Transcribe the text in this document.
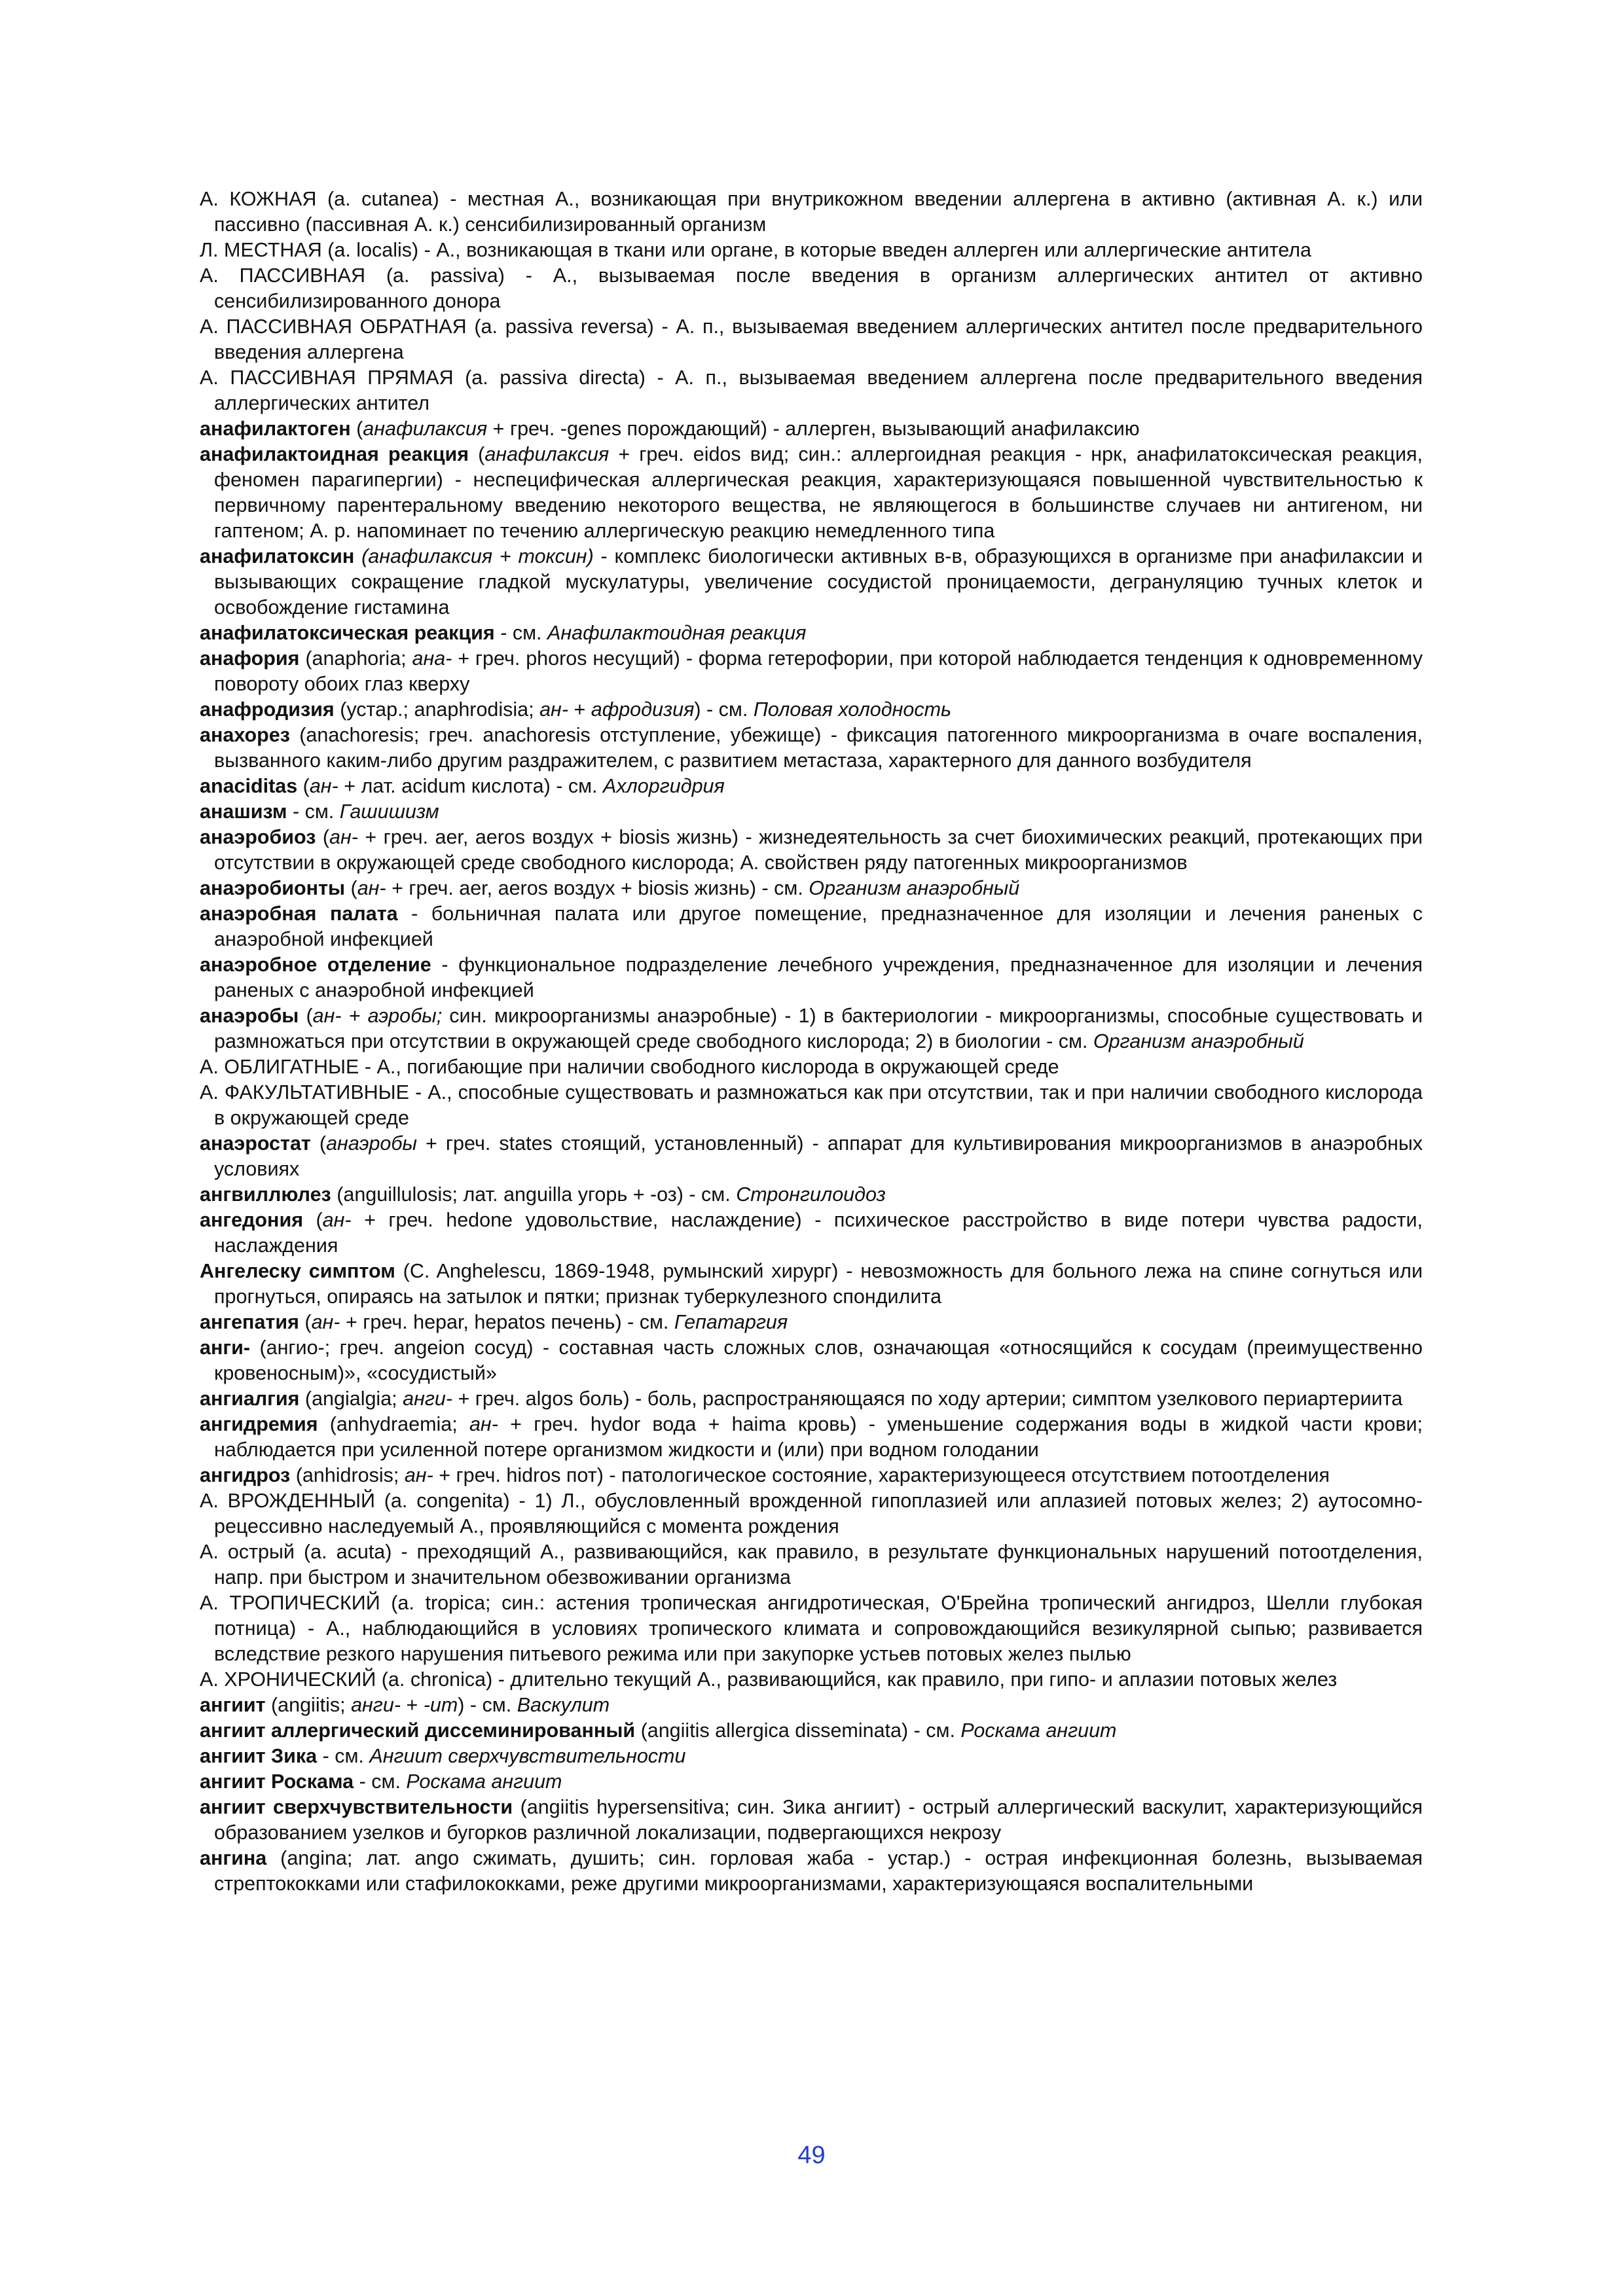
А. КОЖНАЯ (a. cutanea) - местная А., возникающая при внутрикожном введении аллергена в активно (активная А. к.) или пассивно (пассивная А. к.) сенсибилизированный организм
Л. МЕСТНАЯ (a. localis) - А., возникающая в ткани или органе, в которые введен аллерген или аллергические антитела
А. ПАССИВНАЯ (a. passiva) - А., вызываемая после введения в организм аллергических антител от активно сенсибилизированного донора
А. ПАССИВНАЯ ОБРАТНАЯ (a. passiva reversa) - А. п., вызываемая введением аллергических антител после предварительного введения аллергена
А. ПАССИВНАЯ ПРЯМАЯ (a. passiva directa) - А. п., вызываемая введением аллергена после предварительного введения аллергических антител
анафилактоген (анафилаксия + греч. -genes порождающий) - аллерген, вызывающий анафилаксию
анафилактоидная реакция (анафилаксия + греч. eidos вид; син.: аллергоидная реакция - нрк, анафилатоксическая реакция, феномен парагипергии) - неспецифическая аллергическая реакция, характеризующаяся повышенной чувствительностью к первичному парентеральному введению некоторого вещества, не являющегося в большинстве случаев ни антигеном, ни гаптеном; А. р. напоминает по течению аллергическую реакцию немедленного типа
анафилатоксин (анафилаксия + токсин) - комплекс биологически активных в-в, образующихся в организме при анафилаксии и вызывающих сокращение гладкой мускулатуры, увеличение сосудистой проницаемости, дегрануляцию тучных клеток и освобождение гистамина
анафилатоксическая реакция - см. Анафилактоидная реакция
анафория (anaphoria; ана- + греч. phoros несущий) - форма гетерофории, при которой наблюдается тенденция к одновременному повороту обоих глаз кверху
анафродизия (устар.; anaphrodisia; ан- + афродизия) - см. Половая холодность
анахорез (anachoresis; греч. anachoresis отступление, убежище) - фиксация патогенного микроорганизма в очаге воспаления, вызванного каким-либо другим раздражителем, с развитием метастаза, характерного для данного возбудителя
anaciditas (ан- + лат. acidum кислота) - см. Ахлоргидрия
анашизм - см. Гашишизм
анаэробиоз (ан- + греч. aer, aeros воздух + biosis жизнь) - жизнедеятельность за счет биохимических реакций, протекающих при отсутствии в окружающей среде свободного кислорода; А. свойствен ряду патогенных микроорганизмов
анаэробионты (ан- + греч. aer, aeros воздух + biosis жизнь) - см. Организм анаэробный
анаэробная палата - больничная палата или другое помещение, предназначенное для изоляции и лечения раненых с анаэробной инфекцией
анаэробное отделение - функциональное подразделение лечебного учреждения, предназначенное для изоляции и лечения раненых с анаэробной инфекцией
анаэробы (ан- + аэробы; син. микроорганизмы анаэробные) - 1) в бактериологии - микроорганизмы, способные существовать и размножаться при отсутствии в окружающей среде свободного кислорода; 2) в биологии - см. Организм анаэробный
А. ОБЛИГАТНЫЕ - А., погибающие при наличии свободного кислорода в окружающей среде
А. ФАКУЛЬТАТИВНЫЕ - А., способные существовать и размножаться как при отсутствии, так и при наличии свободного кислорода в окружающей среде
анаэростат (анаэробы + греч. states стоящий, установленный) - аппарат для культивирования микроорганизмов в анаэробных условиях
ангвиллюлез (anguillulosis; лат. anguilla угорь + -оз) - см. Стронгилоидоз
ангедония (ан- + греч. hedone удовольствие, наслаждение) - психическое расстройство в виде потери чувства радости, наслаждения
Ангелеску симптом (C. Anghelescu, 1869-1948, румынский хирург) - невозможность для больного лежа на спине согнуться или прогнуться, опираясь на затылок и пятки; признак туберкулезного спондилита
ангепатия (ан- + греч. hepar, hepatos печень) - см. Гепатаргия
анги- (ангио-; греч. angeion сосуд) - составная часть сложных слов, означающая «относящийся к сосудам (преимущественно кровеносным)», «сосудистый»
ангиалгия (angialgia; анги- + греч. algos боль) - боль, распространяющаяся по ходу артерии; симптом узелкового периартериита
ангидремия (anhydraemia; ан- + греч. hydor вода + haima кровь) - уменьшение содержания воды в жидкой части крови; наблюдается при усиленной потере организмом жидкости и (или) при водном голодании
ангидроз (anhidrosis; ан- + греч. hidros пот) - патологическое состояние, характеризующееся отсутствием потоотделения
А. ВРОЖДЕННЫЙ (a. congenita) - 1) Л., обусловленный врожденной гипоплазией или аплазией потовых желез; 2) аутосомно-рецессивно наследуемый А., проявляющийся с момента рождения
А. острый (a. acuta) - преходящий А., развивающийся, как правило, в результате функциональных нарушений потоотделения, напр. при быстром и значительном обезвоживании организма
А. ТРОПИЧЕСКИЙ (a. tropica; син.: астения тропическая ангидротическая, О'Брейна тропический ангидроз, Шелли глубокая потница) - А., наблюдающийся в условиях тропического климата и сопровождающийся везикулярной сыпью; развивается вследствие резкого нарушения питьевого режима или при закупорке устьев потовых желез пылью
А. ХРОНИЧЕСКИЙ (a. chronica) - длительно текущий А., развивающийся, как правило, при гипо- и аплазии потовых желез
ангиит (angiitis; анги- + -ит) - см. Васкулит
ангиит аллергический диссеминированный (angiitis allergica disseminata) - см. Роскама ангиит
ангиит Зика - см. Ангиит сверхчувствительности
ангиит Роскама - см. Роскама ангиит
ангиит сверхчувствительности (angiitis hypersensitiva; син. Зика ангиит) - острый аллергический васкулит, характеризующийся образованием узелков и бугорков различной локализации, подвергающихся некрозу
ангина (angina; лат. ango сжимать, душить; син. горловая жаба - устар.) - острая инфекционная болезнь, вызываемая стрептококками или стафилококками, реже другими микроорганизмами, характеризующаяся воспалительными
49
